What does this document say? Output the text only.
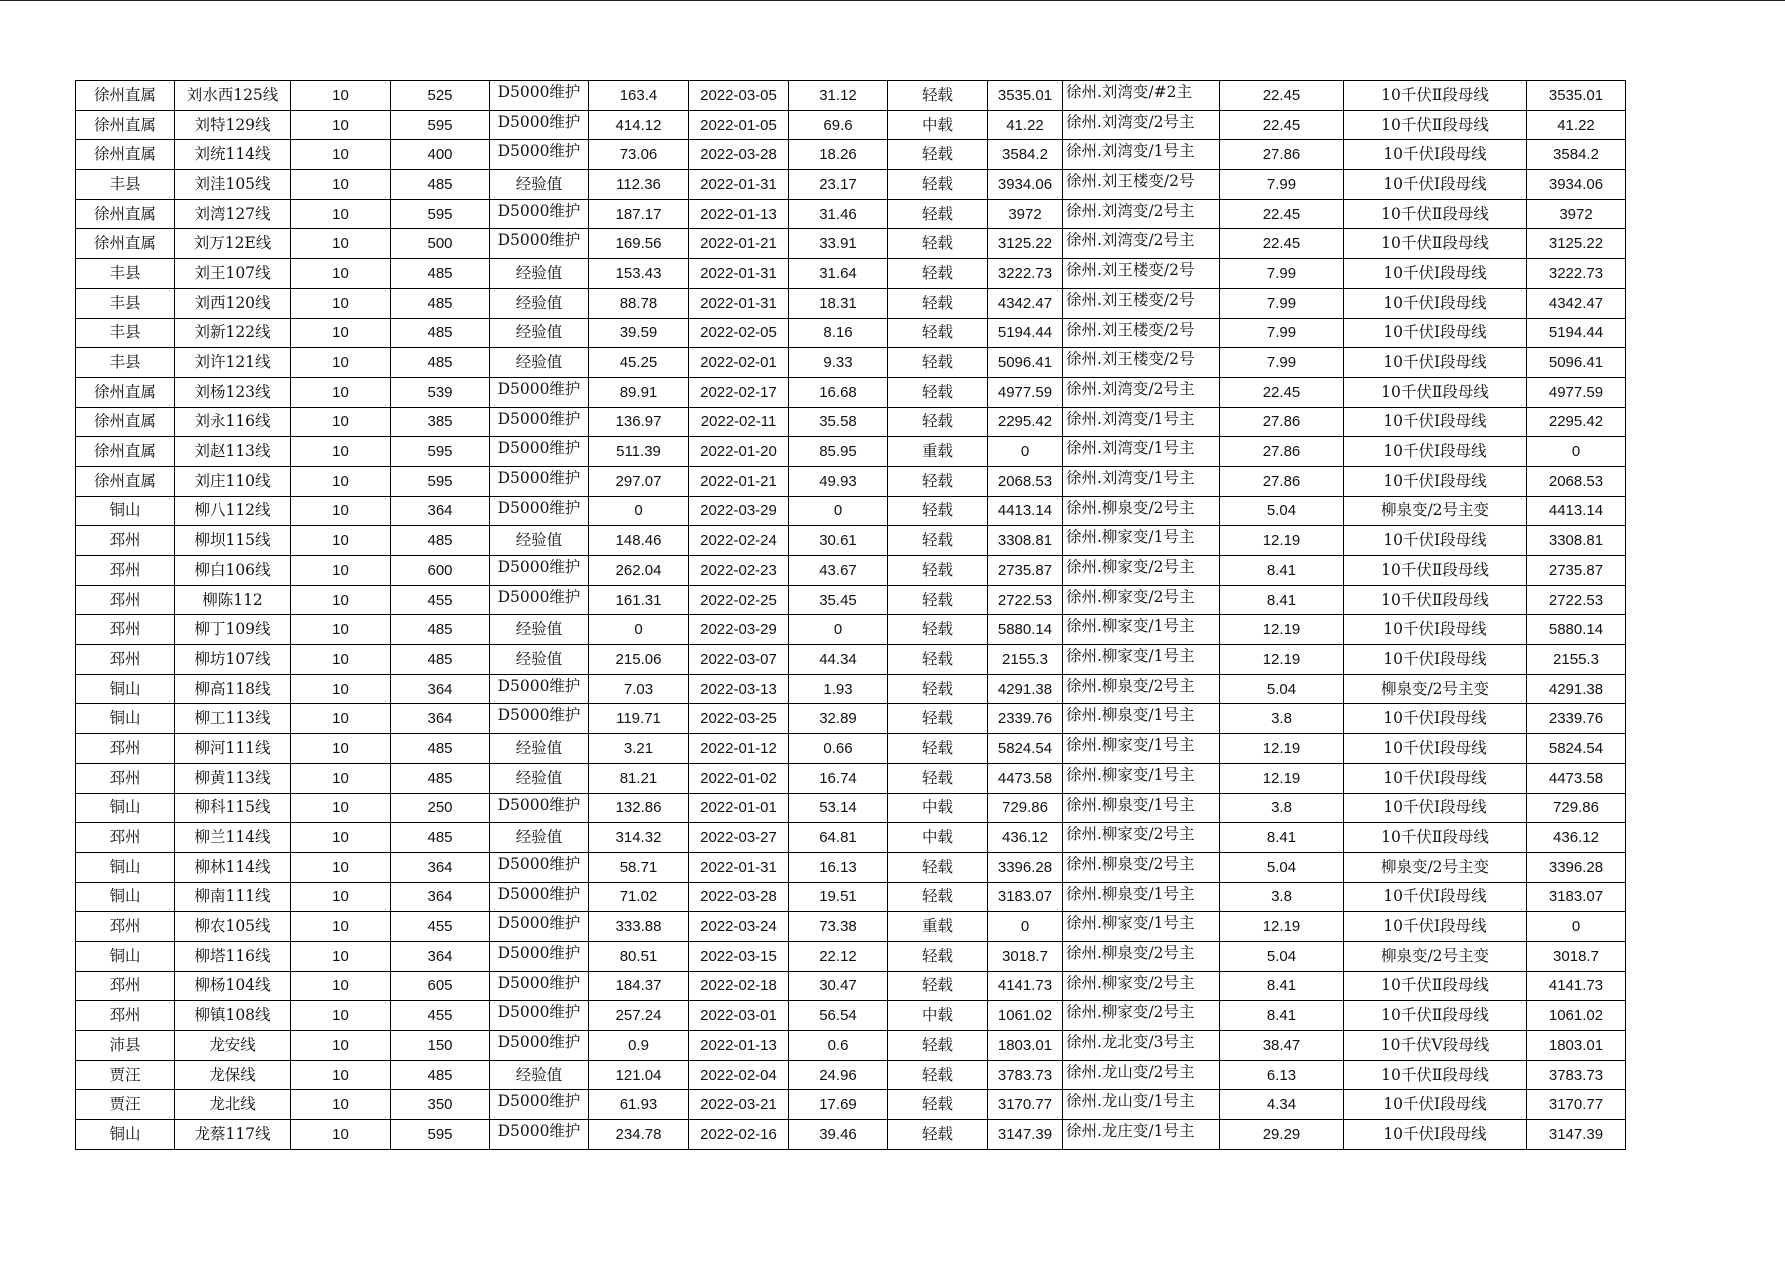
徐州直属	刘水西125线	10	525	D5000维护	163.4	2022-03-05	31.12	轻载	3535.01	徐州.刘湾变/#2主	22.45	10千伏Ⅱ段母线	3535.01
徐州直属	刘特129线	10	595	D5000维护	414.12	2022-01-05	69.6	中载	41.22	徐州.刘湾变/2号主	22.45	10千伏Ⅱ段母线	41.22
徐州直属	刘统114线	10	400	D5000维护	73.06	2022-03-28	18.26	轻载	3584.2	徐州.刘湾变/1号主	27.86	10千伏Ⅰ段母线	3584.2
丰县	刘洼105线	10	485	经验值	112.36	2022-01-31	23.17	轻载	3934.06	徐州.刘王楼变/2号	7.99	10千伏Ⅰ段母线	3934.06
徐州直属	刘湾127线	10	595	D5000维护	187.17	2022-01-13	31.46	轻载	3972	徐州.刘湾变/2号主	22.45	10千伏Ⅱ段母线	3972
徐州直属	刘万12E线	10	500	D5000维护	169.56	2022-01-21	33.91	轻载	3125.22	徐州.刘湾变/2号主	22.45	10千伏Ⅱ段母线	3125.22
丰县	刘王107线	10	485	经验值	153.43	2022-01-31	31.64	轻载	3222.73	徐州.刘王楼变/2号	7.99	10千伏Ⅰ段母线	3222.73
丰县	刘西120线	10	485	经验值	88.78	2022-01-31	18.31	轻载	4342.47	徐州.刘王楼变/2号	7.99	10千伏Ⅰ段母线	4342.47
丰县	刘新122线	10	485	经验值	39.59	2022-02-05	8.16	轻载	5194.44	徐州.刘王楼变/2号	7.99	10千伏Ⅰ段母线	5194.44
丰县	刘许121线	10	485	经验值	45.25	2022-02-01	9.33	轻载	5096.41	徐州.刘王楼变/2号	7.99	10千伏Ⅰ段母线	5096.41
徐州直属	刘杨123线	10	539	D5000维护	89.91	2022-02-17	16.68	轻载	4977.59	徐州.刘湾变/2号主	22.45	10千伏Ⅱ段母线	4977.59
徐州直属	刘永116线	10	385	D5000维护	136.97	2022-02-11	35.58	轻载	2295.42	徐州.刘湾变/1号主	27.86	10千伏Ⅰ段母线	2295.42
徐州直属	刘赵113线	10	595	D5000维护	511.39	2022-01-20	85.95	重载	0	徐州.刘湾变/1号主	27.86	10千伏Ⅰ段母线	0
徐州直属	刘庄110线	10	595	D5000维护	297.07	2022-01-21	49.93	轻载	2068.53	徐州.刘湾变/1号主	27.86	10千伏Ⅰ段母线	2068.53
铜山	柳八112线	10	364	D5000维护	0	2022-03-29	0	轻载	4413.14	徐州.柳泉变/2号主	5.04	柳泉变/2号主变	4413.14
邳州	柳坝115线	10	485	经验值	148.46	2022-02-24	30.61	轻载	3308.81	徐州.柳家变/1号主	12.19	10千伏Ⅰ段母线	3308.81
邳州	柳白106线	10	600	D5000维护	262.04	2022-02-23	43.67	轻载	2735.87	徐州.柳家变/2号主	8.41	10千伏Ⅱ段母线	2735.87
邳州	柳陈112	10	455	D5000维护	161.31	2022-02-25	35.45	轻载	2722.53	徐州.柳家变/2号主	8.41	10千伏Ⅱ段母线	2722.53
邳州	柳丁109线	10	485	经验值	0	2022-03-29	0	轻载	5880.14	徐州.柳家变/1号主	12.19	10千伏Ⅰ段母线	5880.14
邳州	柳坊107线	10	485	经验值	215.06	2022-03-07	44.34	轻载	2155.3	徐州.柳家变/1号主	12.19	10千伏Ⅰ段母线	2155.3
铜山	柳高118线	10	364	D5000维护	7.03	2022-03-13	1.93	轻载	4291.38	徐州.柳泉变/2号主	5.04	柳泉变/2号主变	4291.38
铜山	柳工113线	10	364	D5000维护	119.71	2022-03-25	32.89	轻载	2339.76	徐州.柳泉变/1号主	3.8	10千伏Ⅰ段母线	2339.76
邳州	柳河111线	10	485	经验值	3.21	2022-01-12	0.66	轻载	5824.54	徐州.柳家变/1号主	12.19	10千伏Ⅰ段母线	5824.54
邳州	柳黄113线	10	485	经验值	81.21	2022-01-02	16.74	轻载	4473.58	徐州.柳家变/1号主	12.19	10千伏Ⅰ段母线	4473.58
铜山	柳科115线	10	250	D5000维护	132.86	2022-01-01	53.14	中载	729.86	徐州.柳泉变/1号主	3.8	10千伏Ⅰ段母线	729.86
邳州	柳兰114线	10	485	经验值	314.32	2022-03-27	64.81	中载	436.12	徐州.柳家变/2号主	8.41	10千伏Ⅱ段母线	436.12
铜山	柳林114线	10	364	D5000维护	58.71	2022-01-31	16.13	轻载	3396.28	徐州.柳泉变/2号主	5.04	柳泉变/2号主变	3396.28
铜山	柳南111线	10	364	D5000维护	71.02	2022-03-28	19.51	轻载	3183.07	徐州.柳泉变/1号主	3.8	10千伏Ⅰ段母线	3183.07
邳州	柳农105线	10	455	D5000维护	333.88	2022-03-24	73.38	重载	0	徐州.柳家变/1号主	12.19	10千伏Ⅰ段母线	0
铜山	柳塔116线	10	364	D5000维护	80.51	2022-03-15	22.12	轻载	3018.7	徐州.柳泉变/2号主	5.04	柳泉变/2号主变	3018.7
邳州	柳杨104线	10	605	D5000维护	184.37	2022-02-18	30.47	轻载	4141.73	徐州.柳家变/2号主	8.41	10千伏Ⅱ段母线	4141.73
邳州	柳镇108线	10	455	D5000维护	257.24	2022-03-01	56.54	中载	1061.02	徐州.柳家变/2号主	8.41	10千伏Ⅱ段母线	1061.02
沛县	龙安线	10	150	D5000维护	0.9	2022-01-13	0.6	轻载	1803.01	徐州.龙北变/3号主	38.47	10千伏Ⅴ段母线	1803.01
贾汪	龙保线	10	485	经验值	121.04	2022-02-04	24.96	轻载	3783.73	徐州.龙山变/2号主	6.13	10千伏Ⅱ段母线	3783.73
贾汪	龙北线	10	350	D5000维护	61.93	2022-03-21	17.69	轻载	3170.77	徐州.龙山变/1号主	4.34	10千伏Ⅰ段母线	3170.77
铜山	龙蔡117线	10	595	D5000维护	234.78	2022-02-16	39.46	轻载	3147.39	徐州.龙庄变/1号主	29.29	10千伏Ⅰ段母线	3147.39
